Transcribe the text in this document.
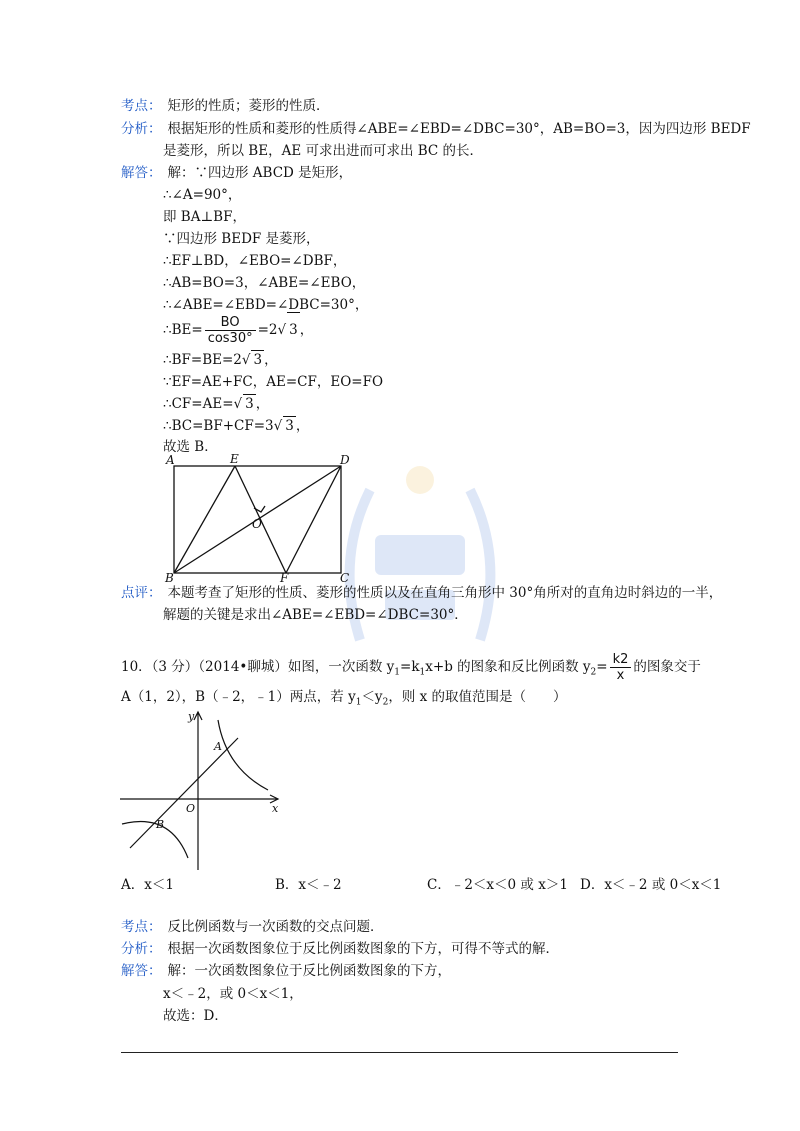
考点： 矩形的性质；菱形的性质．
分析： 根据矩形的性质和菱形的性质得∠ABE=∠EBD=∠DBC=30°，AB=BO=3，因为四边形 BEDF
是菱形，所以 BE，AE 可求出进而可求出 BC 的长．
解答： 解：∵四边形 ABCD 是矩形，
∴∠A=90°，
即 BA⊥BF，
∵四边形 BEDF 是菱形，
∴EF⊥BD，∠EBO=∠DBF，
∴AB=BO=3，∠ABE=∠EBO，
∴∠ABE=∠EBD=∠DBC=30°，
∴BE= $\frac{BO}{\cos 30^\circ} =2√$ 3 ，
∴BF=BE=2√ 3 ，
∵EF=AE+FC，AE=CF，EO=FO
∴CF=AE=√ 3 ，
∴BC=BF+CF=3√ 3 ，
故选 B．
A	E	D
O
B	F	C
点评： 本题考查了矩形的性质、菱形的性质以及在直角三角形中 30°角所对的直角边时斜边的一半，
解题的关键是求出∠ABE=∠EBD=∠DBC=30°．
10．（3 分）（2014•聊城）如图，一次函数 $y_1=k_1x+b$ 的图象和反比例函数 $y_2= \frac{k2}{x}$ 的图象交于
A（1，2），B（﹣2，﹣1）两点，若 $y_1<y_2$，则 x 的取值范围是（　　）
y
A
O
B
x
A．x＜1	B．x＜﹣2	C．﹣2＜x＜0 或 x＞1 D．x＜﹣2 或 0＜x＜1
考点： 反比例函数与一次函数的交点问题．
分析： 根据一次函数图象位于反比例函数图象的下方，可得不等式的解．
解答： 解：一次函数图象位于反比例函数图象的下方，
x＜﹣2，或 0＜x＜1，
故选：D．
